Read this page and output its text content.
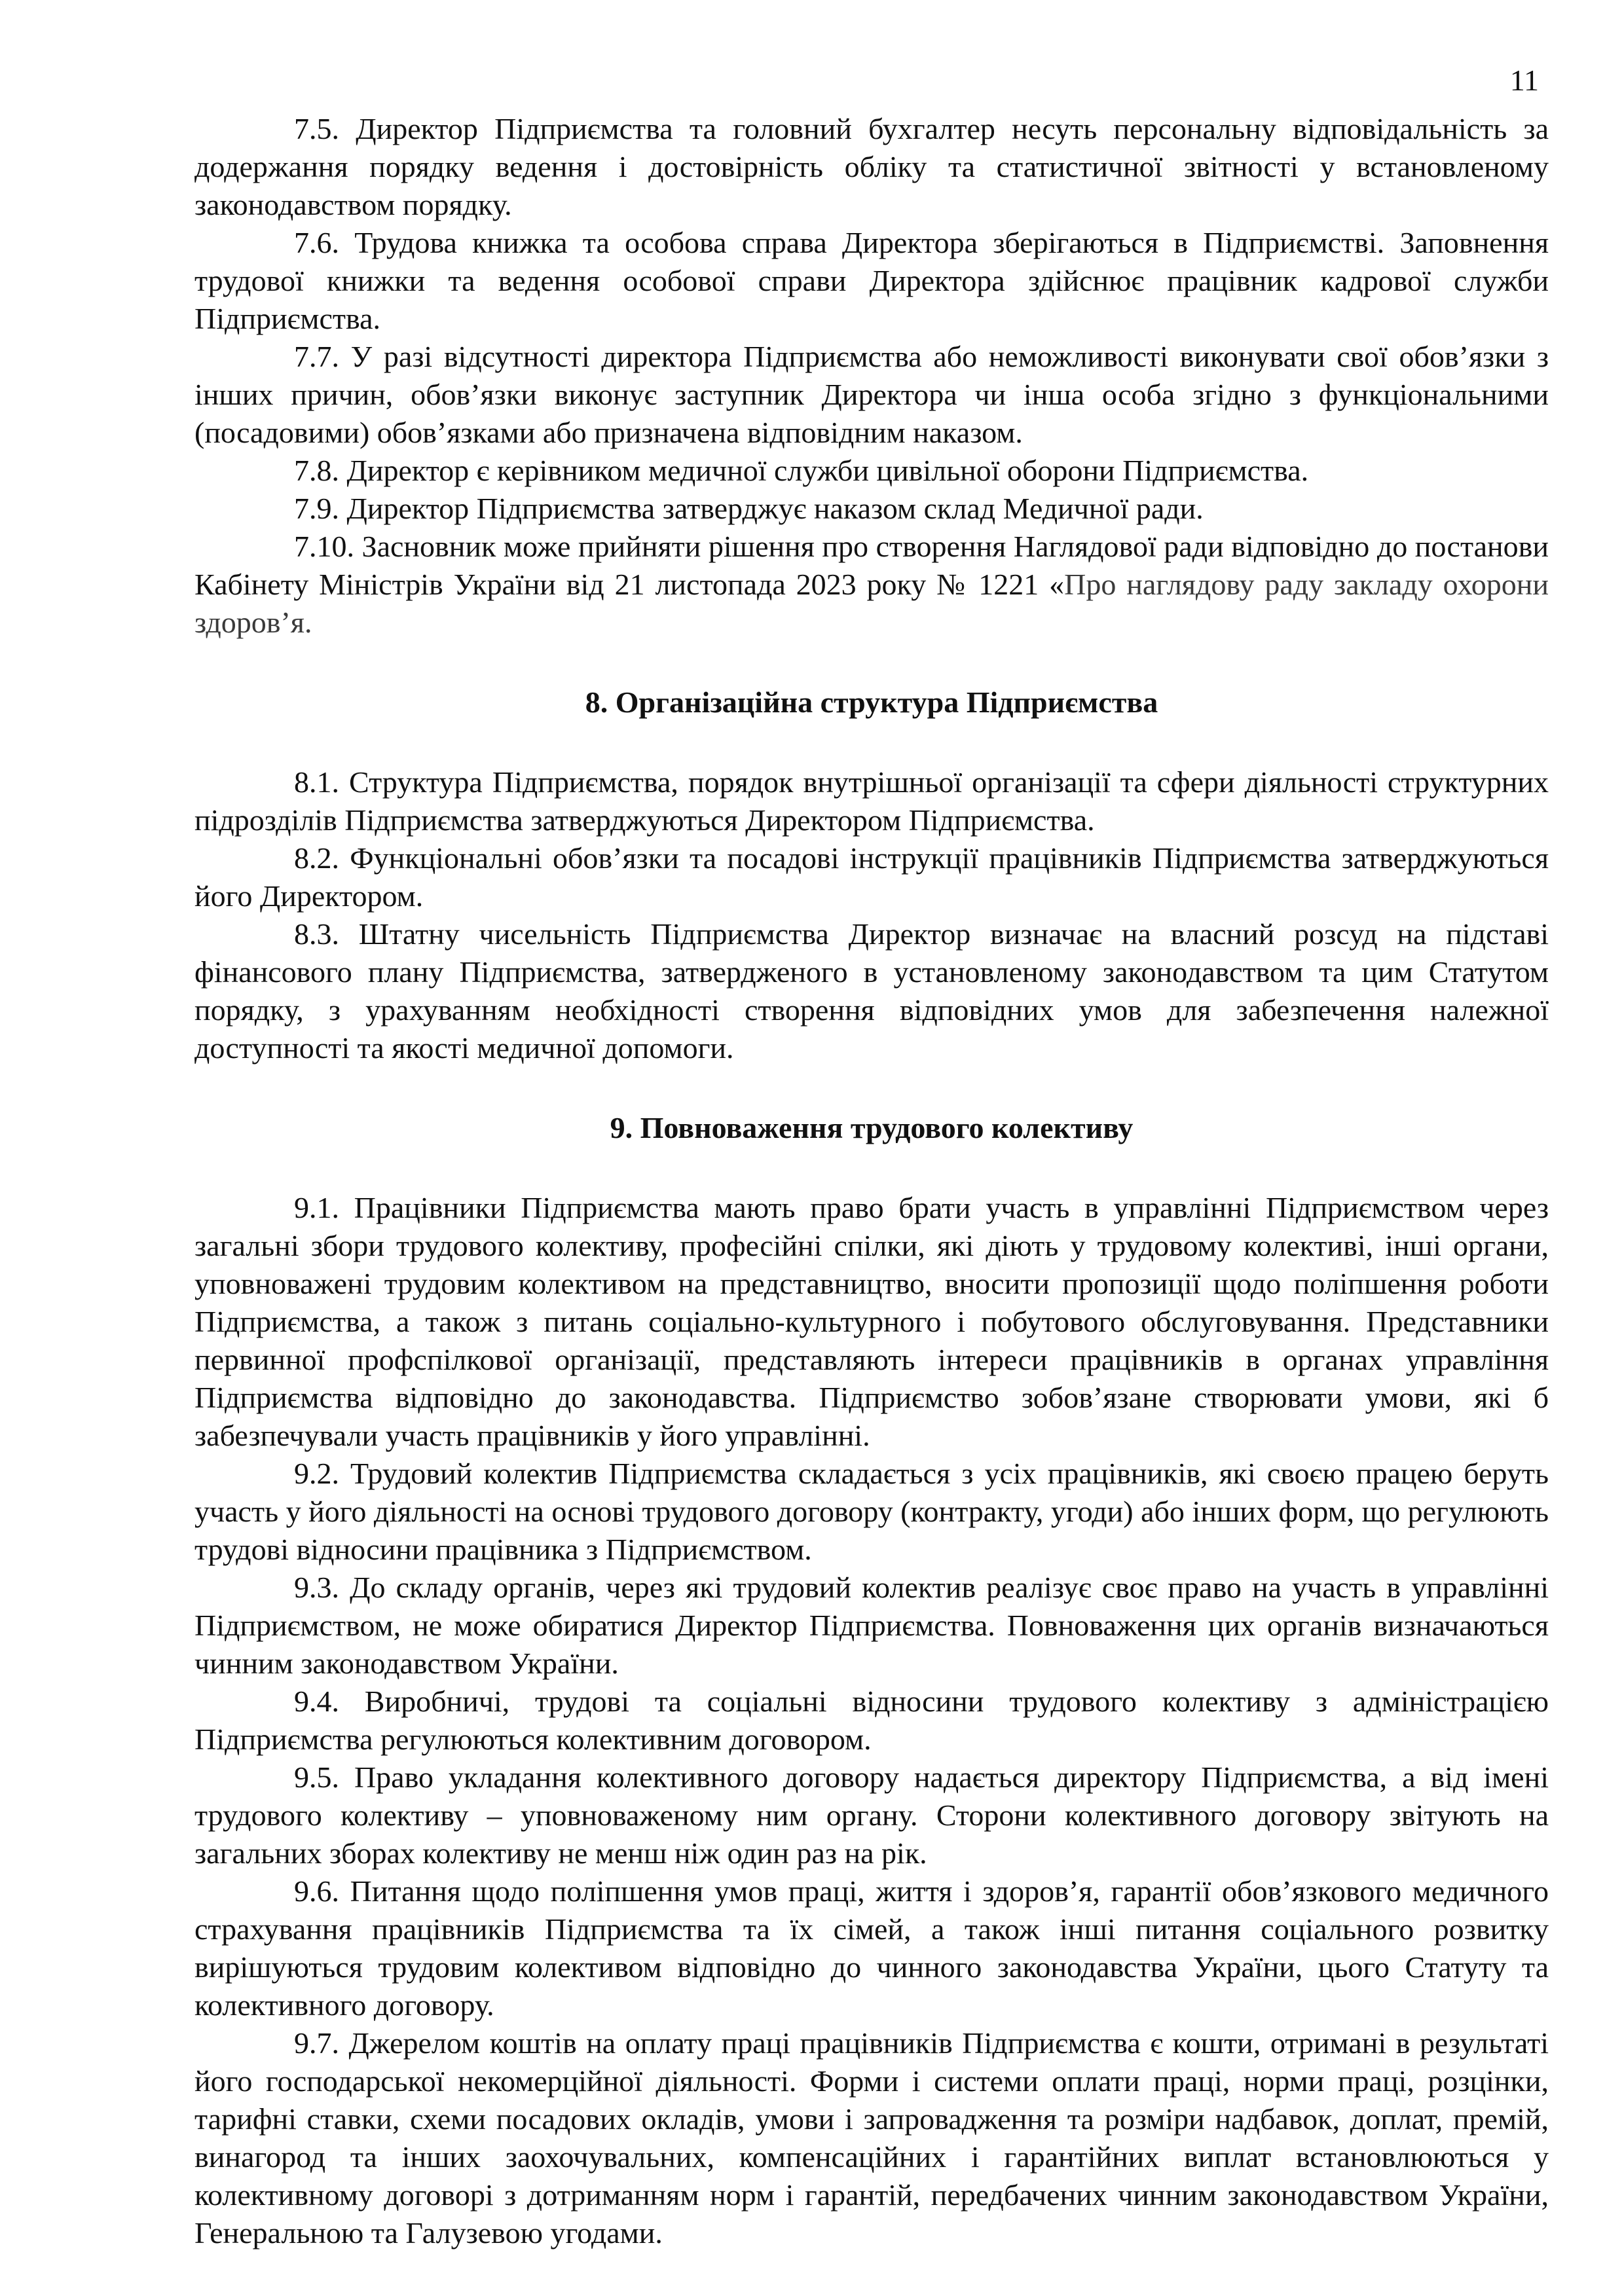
11

7.5. Директор Підприємства та головний бухгалтер несуть персональну відповідальність за додержання порядку ведення і достовірність обліку та статистичної звітності у встановленому законодавством порядку.

7.6. Трудова книжка та особова справа Директора зберігаються в Підприємстві. Заповнення трудової книжки та ведення особової справи Директора здійснює працівник кадрової служби Підприємства.

7.7. У разі відсутності директора Підприємства або неможливості виконувати свої обов’язки з інших причин, обов’язки виконує заступник Директора чи інша особа згідно з функціональними (посадовими) обов’язками або призначена відповідним наказом.

7.8. Директор є керівником медичної служби цивільної оборони Підприємства.

7.9. Директор Підприємства затверджує наказом склад Медичної ради.

7.10. Засновник може прийняти рішення про створення Наглядової ради відповідно до постанови Кабінету Міністрів України від 21 листопада 2023 року № 1221 «Про наглядову раду закладу охорони здоров’я.

8. Організаційна структура Підприємства

8.1. Структура Підприємства, порядок внутрішньої організації та сфери діяльності структурних підрозділів Підприємства затверджуються Директором Підприємства.

8.2. Функціональні обов’язки та посадові інструкції працівників Підприємства затверджуються його Директором.

8.3. Штатну чисельність Підприємства Директор визначає на власний розсуд на підставі фінансового плану Підприємства, затвердженого в установленому законодавством та цим Статутом порядку, з урахуванням необхідності створення відповідних умов для забезпечення належної доступності та якості медичної допомоги.

9. Повноваження трудового колективу

9.1. Працівники Підприємства мають право брати участь в управлінні Підприємством через загальні збори трудового колективу, професійні спілки, які діють у трудовому колективі, інші органи, уповноважені трудовим колективом на представництво, вносити пропозиції щодо поліпшення роботи Підприємства, а також з питань соціально-культурного і побутового обслуговування. Представники первинної профспілкової організації, представляють інтереси працівників в органах управління Підприємства відповідно до законодавства. Підприємство зобов’язане створювати умови, які б забезпечували участь працівників у його управлінні.

9.2. Трудовий колектив Підприємства складається з усіх працівників, які своєю працею беруть участь у його діяльності на основі трудового договору (контракту, угоди) або інших форм, що регулюють трудові відносини працівника з Підприємством.

9.3. До складу органів, через які трудовий колектив реалізує своє право на участь в управлінні Підприємством, не може обиратися Директор Підприємства. Повноваження цих органів визначаються чинним законодавством України.

9.4. Виробничі, трудові та соціальні відносини трудового колективу з адміністрацією Підприємства регулюються колективним договором.

9.5. Право укладання колективного договору надається директору Підприємства, а від імені трудового колективу – уповноваженому ним органу. Сторони колективного договору звітують на загальних зборах колективу не менш ніж один раз на рік.

9.6. Питання щодо поліпшення умов праці, життя і здоров’я, гарантії обов’язкового медичного страхування працівників Підприємства та їх сімей, а також інші питання соціального розвитку вирішуються трудовим колективом відповідно до чинного законодавства України, цього Статуту та колективного договору.

9.7. Джерелом коштів на оплату праці працівників Підприємства є кошти, отримані в результаті його господарської некомерційної діяльності. Форми і системи оплати праці, норми праці, розцінки, тарифні ставки, схеми посадових окладів, умови і запровадження та розміри надбавок, доплат, премій, винагород та інших заохочувальних, компенсаційних і гарантійних виплат встановлюються у колективному договорі з дотриманням норм і гарантій, передбачених чинним законодавством України, Генеральною та Галузевою угодами.
